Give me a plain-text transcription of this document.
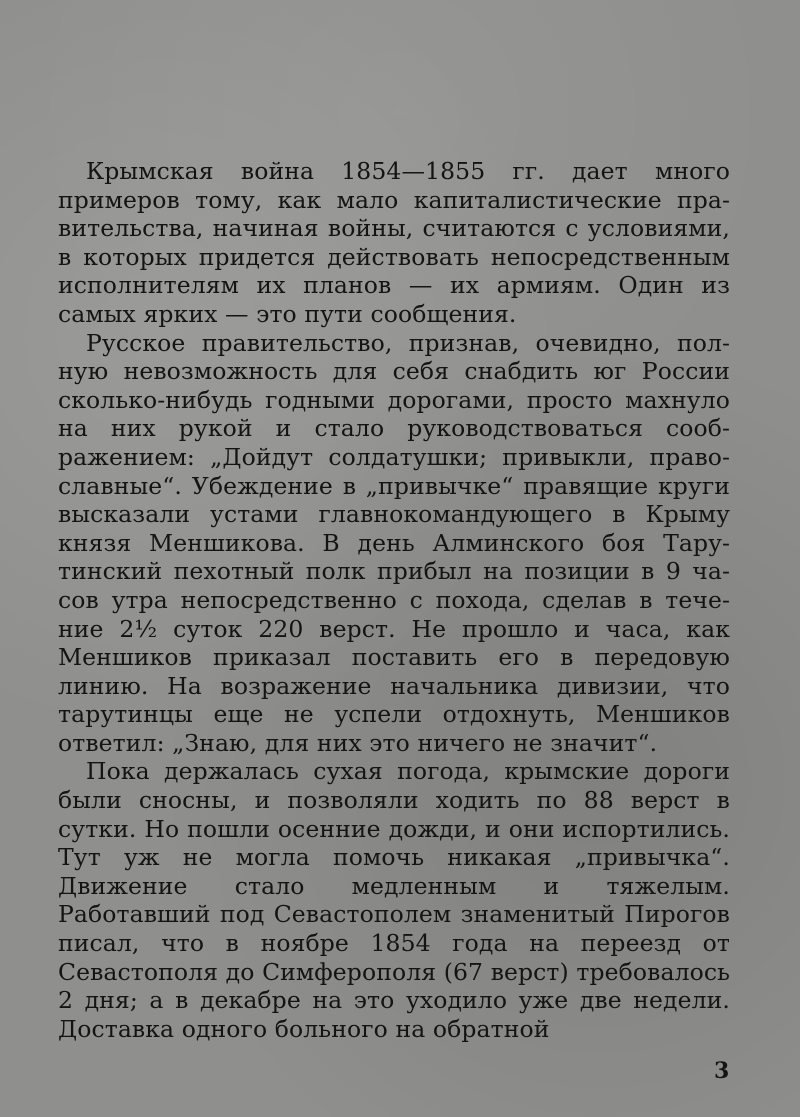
Крымская война 1854—1855 гг. дает много примеров тому, как мало капиталистические правительства, начиная войны, считаются с условиями, в которых придется действовать непосредственным исполнителям их планов — их армиям. Один из самых ярких — это пути сообщения.

Русское правительство, признав, очевидно, полную невозможность для себя снабдить юг России сколько-нибудь годными дорогами, просто махнуло на них рукой и стало руководствоваться соображением: „Дойдут солдатушки; привыкли, православные“. Убеждение в „привычке“ правящие круги высказали устами главнокомандующего в Крыму князя Меншикова. В день Алминского боя Тарутинский пехотный полк прибыл на позиции в 9 часов утра непосредственно с похода, сделав в течение 2½ суток 220 верст. Не прошло и часа, как Меншиков приказал поставить его в передовую линию. На возражение начальника дивизии, что тарутинцы еще не успели отдохнуть, Меншиков ответил: „Знаю, для них это ничего не значит“.

Пока держалась сухая погода, крымские дороги были сносны, и позволяли ходить по 88 верст в сутки. Но пошли осенние дожди, и они испортились. Тут уж не могла помочь никакая „привычка“. Движение стало медленным и тяжелым. Работавший под Севастополем знаменитый Пирогов писал, что в ноябре 1854 года на переезд от Севастополя до Симферополя (67 верст) требовалось 2 дня; а в декабре на это уходило уже две недели. Доставка одного больного на обратной

3
